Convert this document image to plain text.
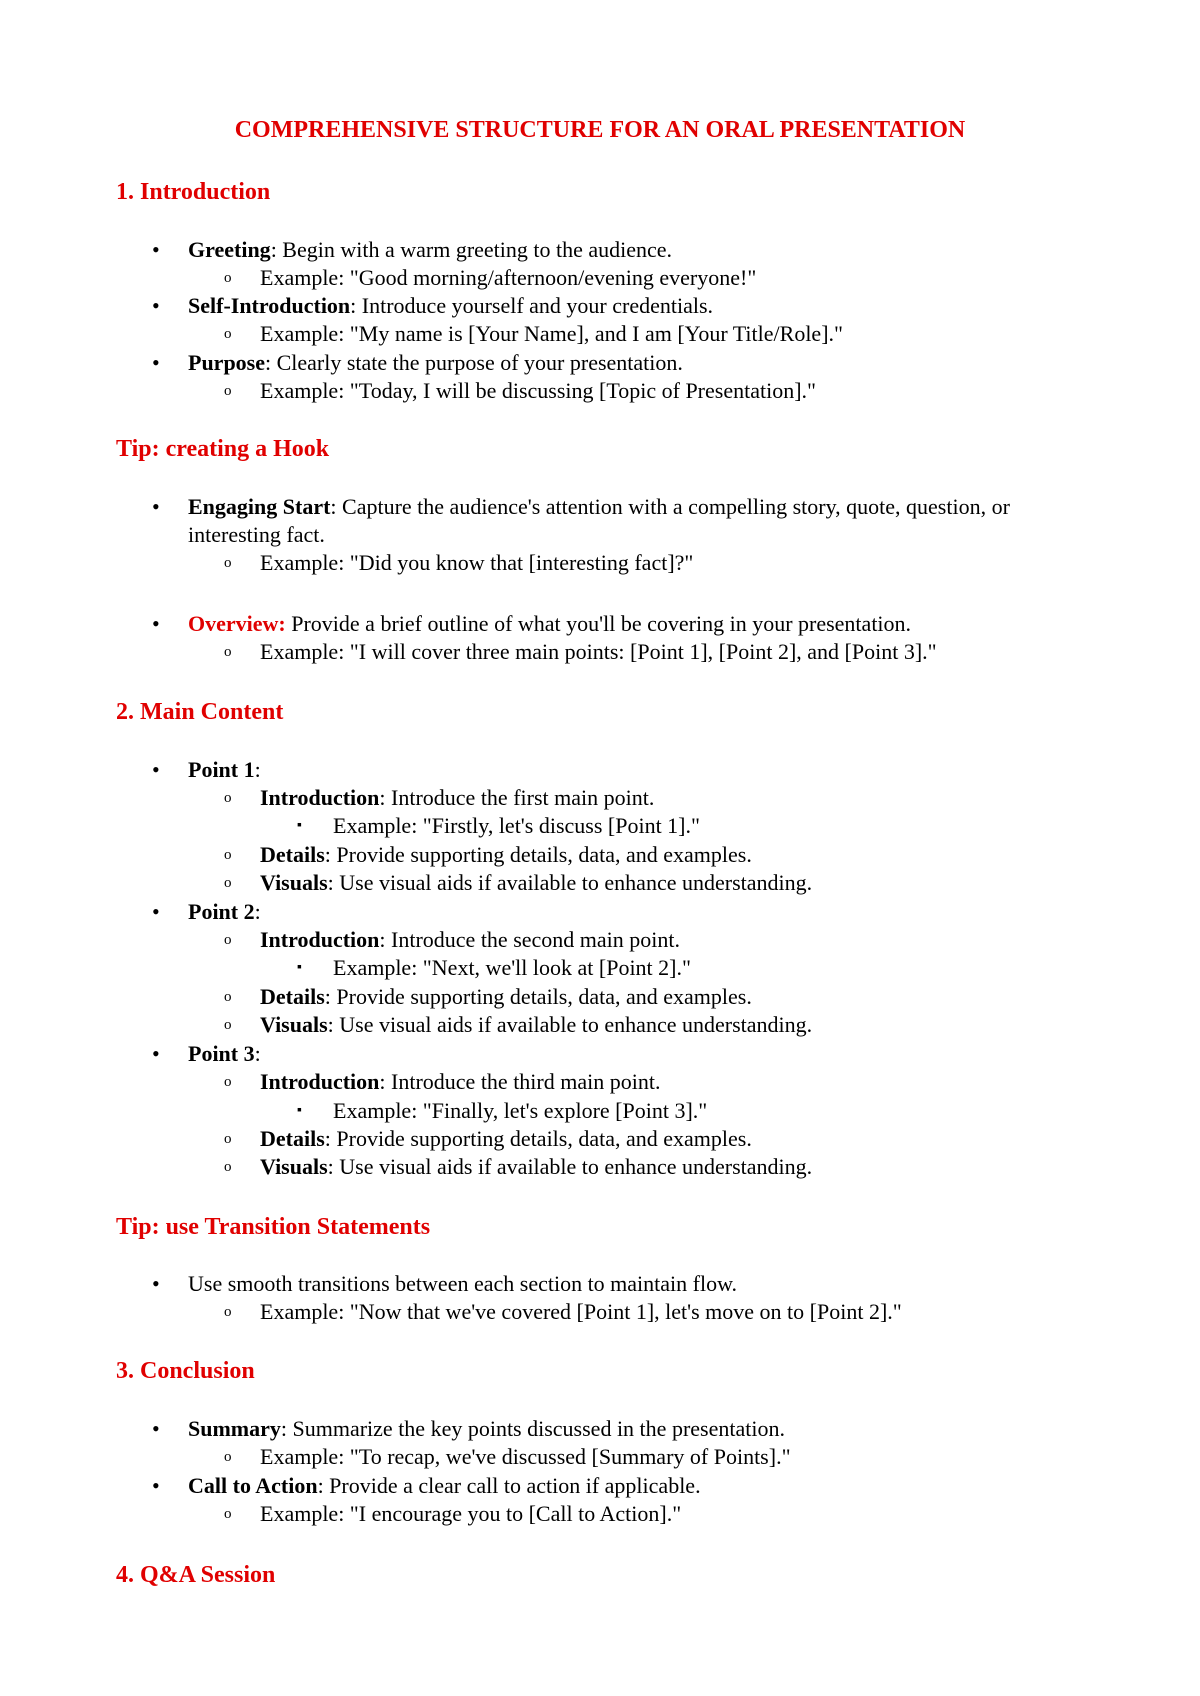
COMPREHENSIVE STRUCTURE FOR AN ORAL PRESENTATION
1. Introduction
•
Greeting: Begin with a warm greeting to the audience.
o
Example: "Good morning/afternoon/evening everyone!"
•
Self-Introduction: Introduce yourself and your credentials.
o
Example: "My name is [Your Name], and I am [Your Title/Role]."
•
Purpose: Clearly state the purpose of your presentation.
o
Example: "Today, I will be discussing [Topic of Presentation]."
Tip: creating a Hook
•
Engaging Start: Capture the audience's attention with a compelling story, quote, question, or interesting fact.
o
Example: "Did you know that [interesting fact]?"
•
Overview: Provide a brief outline of what you'll be covering in your presentation.
o
Example: "I will cover three main points: [Point 1], [Point 2], and [Point 3]."
2. Main Content
•
Point 1:
o
Introduction: Introduce the first main point.
▪
Example: "Firstly, let's discuss [Point 1]."
o
Details: Provide supporting details, data, and examples.
o
Visuals: Use visual aids if available to enhance understanding.
•
Point 2:
o
Introduction: Introduce the second main point.
▪
Example: "Next, we'll look at [Point 2]."
o
Details: Provide supporting details, data, and examples.
o
Visuals: Use visual aids if available to enhance understanding.
•
Point 3:
o
Introduction: Introduce the third main point.
▪
Example: "Finally, let's explore [Point 3]."
o
Details: Provide supporting details, data, and examples.
o
Visuals: Use visual aids if available to enhance understanding.
Tip: use Transition Statements
•
Use smooth transitions between each section to maintain flow.
o
Example: "Now that we've covered [Point 1], let's move on to [Point 2]."
3. Conclusion
•
Summary: Summarize the key points discussed in the presentation.
o
Example: "To recap, we've discussed [Summary of Points]."
•
Call to Action: Provide a clear call to action if applicable.
o
Example: "I encourage you to [Call to Action]."
4. Q&A Session
